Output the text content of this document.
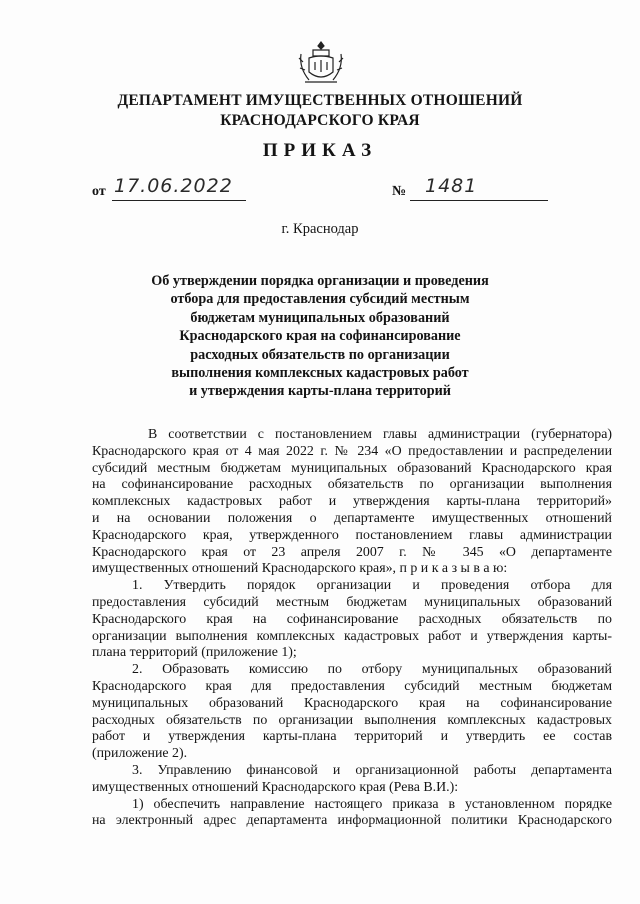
ДЕПАРТАМЕНТ ИМУЩЕСТВЕННЫХ ОТНОШЕНИЙ
КРАСНОДАРСКОГО КРАЯ
ПРИКАЗ
от 17.06.2022	№ 1481
г. Краснодар
Об утверждении порядка организации и проведения
отбора для предоставления субсидий местным
бюджетам муниципальных образований
Краснодарского края на софинансирование
расходных обязательств по организации
выполнения комплексных кадастровых работ
и утверждения карты-плана территорий
В соответствии с постановлением главы администрации (губернатора)
Краснодарского края от 4 мая 2022 г. № 234 «О предоставлении и распределении
субсидий местным бюджетам муниципальных образований Краснодарского края
на софинансирование расходных обязательств по организации выполнения
комплексных кадастровых работ и утверждения карты-плана территорий»
и на основании положения о департаменте имущественных отношений
Краснодарского края, утвержденного постановлением главы администрации
Краснодарского края от 23 апреля 2007 г. № 345 «О департаменте
имущественных отношений Краснодарского края», п р и к а з ы в а ю:
1. Утвердить порядок организации и проведения отбора для
предоставления субсидий местным бюджетам муниципальных образований
Краснодарского края на софинансирование расходных обязательств по
организации выполнения комплексных кадастровых работ и утверждения карты-
плана территорий (приложение 1);
2. Образовать комиссию по отбору муниципальных образований
Краснодарского края для предоставления субсидий местным бюджетам
муниципальных образований Краснодарского края на софинансирование
расходных обязательств по организации выполнения комплексных кадастровых
работ и утверждения карты-плана территорий и утвердить ее состав
(приложение 2).
3. Управлению финансовой и организационной работы департамента
имущественных отношений Краснодарского края (Рева В.И.):
1) обеспечить направление настоящего приказа в установленном порядке
на электронный адрес департамента информационной политики Краснодарского
